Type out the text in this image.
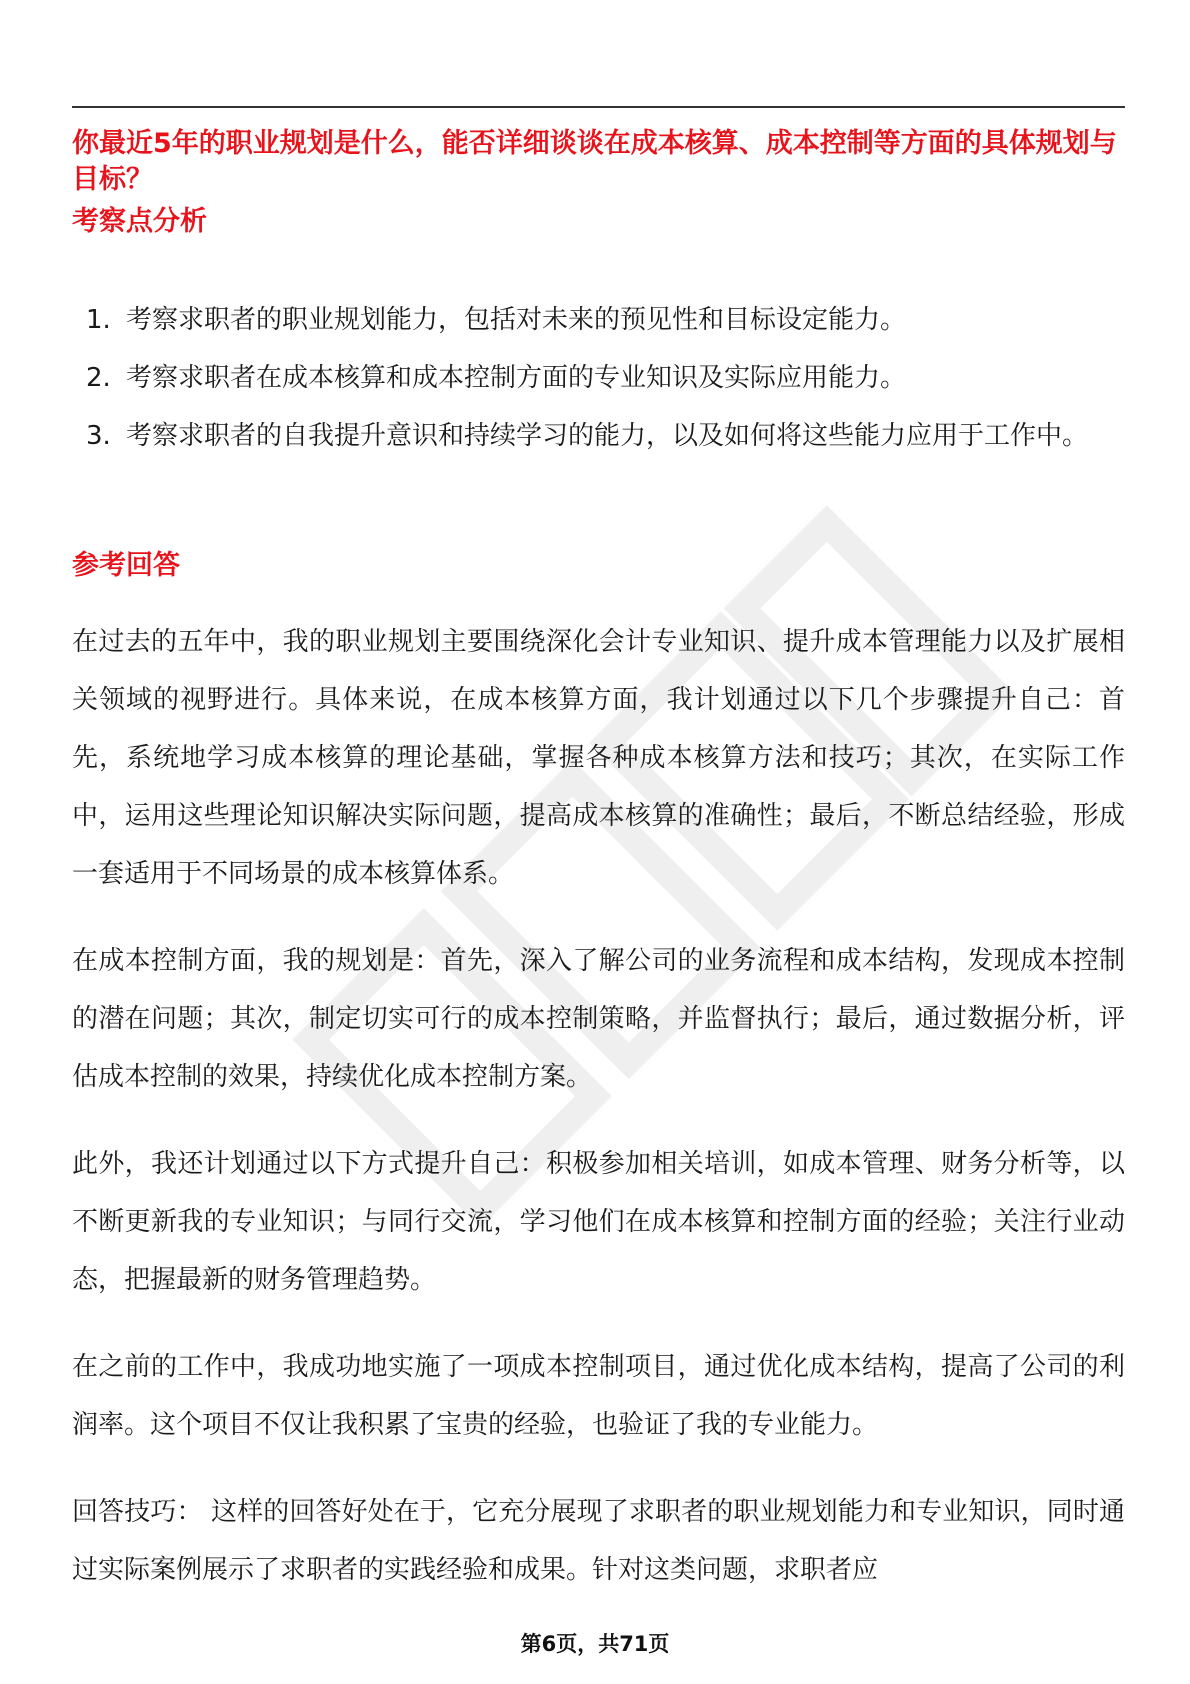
你最近5年的职业规划是什么，能否详细谈谈在成本核算、成本控制等方面的具体规划与目标？
考察点分析
1. 考察求职者的职业规划能力，包括对未来的预见性和目标设定能力。
2. 考察求职者在成本核算和成本控制方面的专业知识及实际应用能力。
3. 考察求职者的自我提升意识和持续学习的能力，以及如何将这些能力应用于工作中。
参考回答

在过去的五年中，我的职业规划主要围绕深化会计专业知识、提升成本管理能力以及扩展相关领域的视野进行。具体来说，在成本核算方面，我计划通过以下几个步骤提升自己：首先，系统地学习成本核算的理论基础，掌握各种成本核算方法和技巧；其次，在实际工作中，运用这些理论知识解决实际问题，提高成本核算的准确性；最后，不断总结经验，形成一套适用于不同场景的成本核算体系。

在成本控制方面，我的规划是：首先，深入了解公司的业务流程和成本结构，发现成本控制的潜在问题；其次，制定切实可行的成本控制策略，并监督执行；最后，通过数据分析，评估成本控制的效果，持续优化成本控制方案。

此外，我还计划通过以下方式提升自己：积极参加相关培训，如成本管理、财务分析等，以不断更新我的专业知识；与同行交流，学习他们在成本核算和控制方面的经验；关注行业动态，把握最新的财务管理趋势。

在之前的工作中，我成功地实施了一项成本控制项目，通过优化成本结构，提高了公司的利润率。这个项目不仅让我积累了宝贵的经验，也验证了我的专业能力。

回答技巧： 这样的回答好处在于，它充分展现了求职者的职业规划能力和专业知识，同时通过实际案例展示了求职者的实践经验和成果。针对这类问题，求职者应

第6页，共71页
